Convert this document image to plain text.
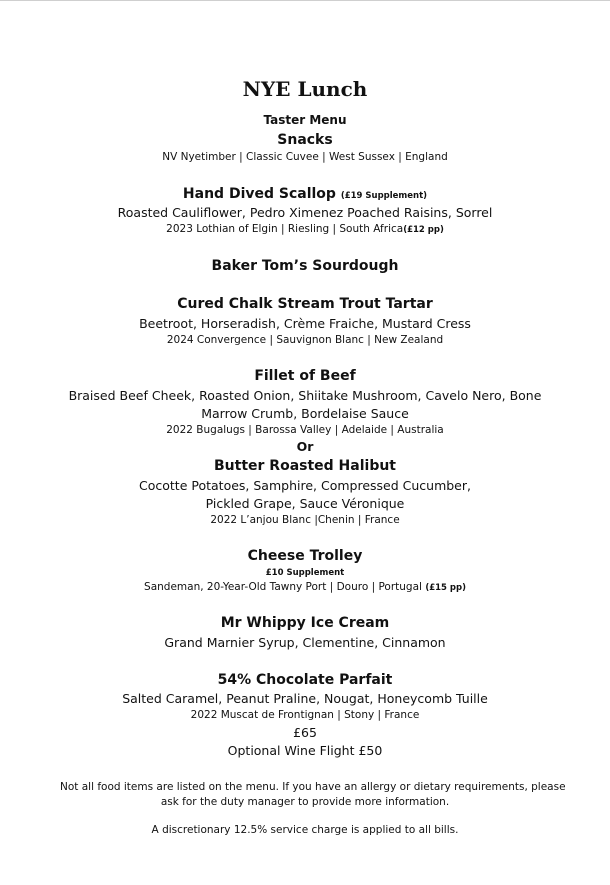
NYE Lunch
Taster Menu
Snacks
NV Nyetimber | Classic Cuvee | West Sussex | England
Hand Dived Scallop (£19 Supplement)
Roasted Cauliflower, Pedro Ximenez Poached Raisins, Sorrel
2023 Lothian of Elgin | Riesling | South Africa(£12 pp)
Baker Tom’s Sourdough
Cured Chalk Stream Trout Tartar
Beetroot, Horseradish, Crème Fraiche, Mustard Cress
2024 Convergence | Sauvignon Blanc | New Zealand
Fillet of Beef
Braised Beef Cheek, Roasted Onion, Shiitake Mushroom, Cavelo Nero, Bone
Marrow Crumb, Bordelaise Sauce
2022 Bugalugs | Barossa Valley | Adelaide | Australia
Or
Butter Roasted Halibut
Cocotte Potatoes, Samphire, Compressed Cucumber,
Pickled Grape, Sauce Véronique
2022 L’anjou Blanc |Chenin | France
Cheese Trolley
£10 Supplement
Sandeman, 20-Year-Old Tawny Port | Douro | Portugal (£15 pp)
Mr Whippy Ice Cream
Grand Marnier Syrup, Clementine, Cinnamon
54% Chocolate Parfait
Salted Caramel, Peanut Praline, Nougat, Honeycomb Tuille
2022 Muscat de Frontignan | Stony | France
£65
Optional Wine Flight £50
Not all food items are listed on the menu. If you have an allergy or dietary requirements, please
ask for the duty manager to provide more information.
A discretionary 12.5% service charge is applied to all bills.
